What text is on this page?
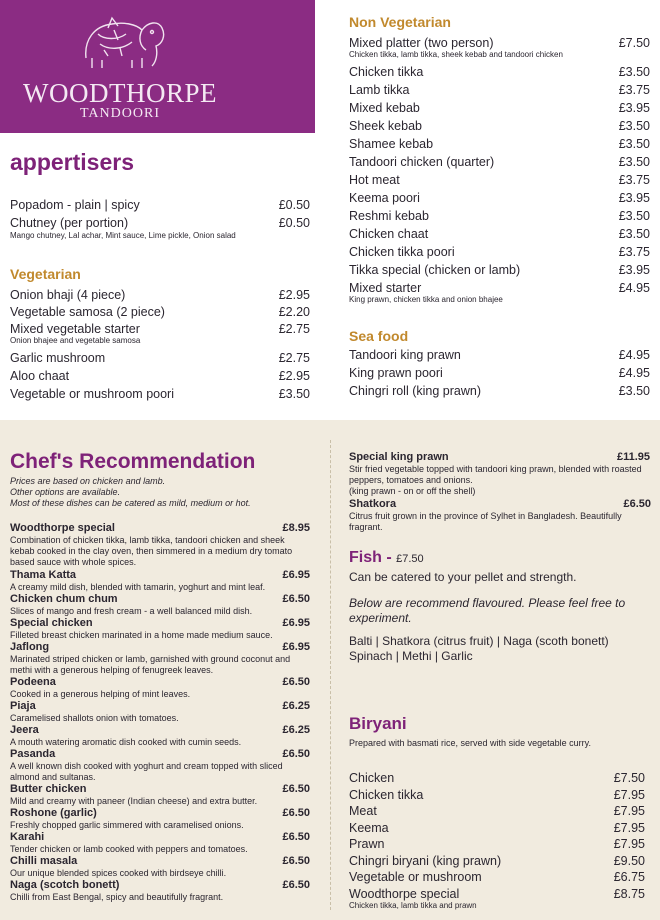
WOODTHORPE
TANDOORI
appertisers
Popadom - plain | spicy	£0.50
Chutney (per portion)	£0.50
Mango chutney, Lal achar, Mint sauce, Lime pickle, Onion salad
Vegetarian
Onion bhaji (4 piece)	£2.95
Vegetable samosa (2 piece)	£2.20
Mixed vegetable starter	£2.75
Onion bhajee and vegetable samosa
Garlic mushroom	£2.75
Aloo chaat	£2.95
Vegetable or mushroom poori	£3.50
Non Vegetarian
Mixed platter (two person)	£7.50
Chicken tikka, lamb tikka, sheek kebab and tandoori chicken
Chicken tikka	£3.50
Lamb tikka	£3.75
Mixed kebab	£3.95
Sheek kebab	£3.50
Shamee kebab	£3.50
Tandoori chicken (quarter)	£3.50
Hot meat	£3.75
Keema poori	£3.95
Reshmi kebab	£3.50
Chicken chaat	£3.50
Chicken tikka poori	£3.75
Tikka special (chicken or lamb)	£3.95
Mixed starter	£4.95
King prawn, chicken tikka and onion bhajee
Sea food
Tandoori king prawn	£4.95
King prawn poori	£4.95
Chingri roll (king prawn)	£3.50
Chef's Recommendation
Prices are based on chicken and lamb.
Other options are available.
Most of these dishes can be catered as mild, medium or hot.
Woodthorpe special	£8.95
Combination of chicken tikka, lamb tikka, tandoori chicken and sheek kebab cooked in the clay oven, then simmered in a medium dry tomato based sauce with whole spices.
Thama Katta	£6.95
A creamy mild dish, blended with tamarin, yoghurt and mint leaf.
Chicken chum chum	£6.50
Slices of mango and fresh cream - a well balanced mild dish.
Special chicken	£6.95
Filleted breast chicken marinated in a home made medium sauce.
Jaflong	£6.95
Marinated striped chicken or lamb, garnished with ground coconut and methi with a generous helping of fenugreek leaves.
Podeena	£6.50
Cooked in a generous helping of mint leaves.
Piaja	£6.25
Caramelised shallots onion with tomatoes.
Jeera	£6.25
A mouth watering aromatic dish cooked with cumin seeds.
Pasanda	£6.50
A well known dish cooked with yoghurt and cream topped with sliced almond and sultanas.
Butter chicken	£6.50
Mild and creamy with paneer (Indian cheese) and extra butter.
Roshone (garlic)	£6.50
Freshly chopped garlic simmered with caramelised onions.
Karahi	£6.50
Tender chicken or lamb cooked with peppers and tomatoes.
Chilli masala	£6.50
Our unique blended spices cooked with birdseye chilli.
Naga (scotch bonett)	£6.50
Chilli from East Bengal, spicy and beautifully fragrant.
Special king prawn	£11.95
Stir fried vegetable topped with tandoori king prawn, blended with roasted peppers, tomatoes and onions.
(king prawn - on or off the shell)
Shatkora	£6.50
Citrus fruit grown in the province of Sylhet in Bangladesh. Beautifully fragrant.
Fish - £7.50
Can be catered to your pellet and strength.
Below are recommend flavoured. Please feel free to experiment.
Balti | Shatkora (citrus fruit) | Naga (scoth bonett)
Spinach | Methi | Garlic
Biryani
Prepared with basmati rice, served with side vegetable curry.
Chicken	£7.50
Chicken tikka	£7.95
Meat	£7.95
Keema	£7.95
Prawn	£7.95
Chingri biryani (king prawn)	£9.50
Vegetable or mushroom	£6.75
Woodthorpe special	£8.75
Chicken tikka, lamb tikka and prawn
